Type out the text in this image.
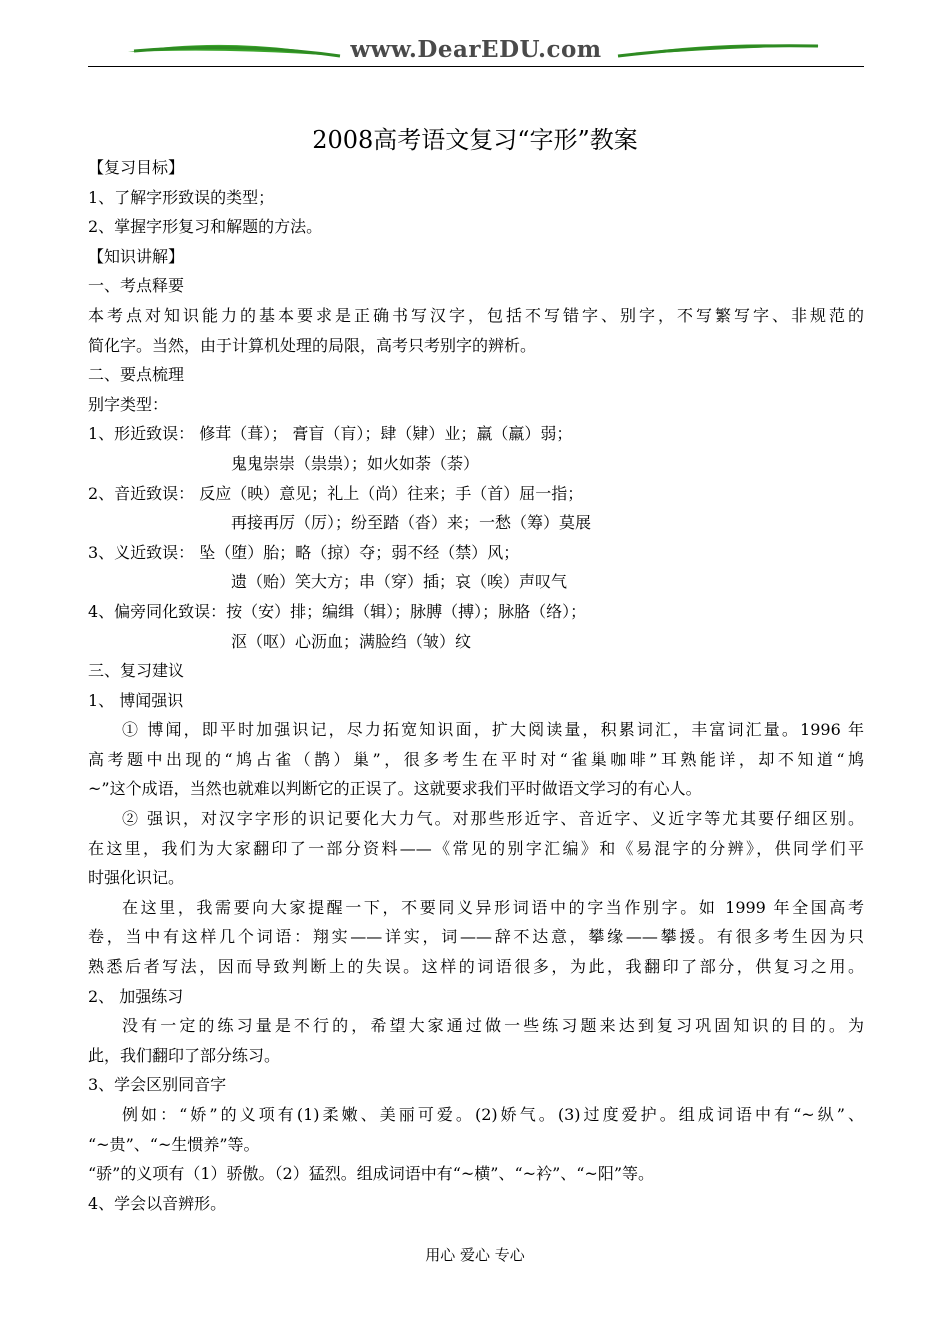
www.DearEDU.com
2008高考语文复习“字形”教案
【复习目标】
1、了解字形致误的类型；
2、掌握字形复习和解题的方法。
【知识讲解】
一、考点释要
本考点对知识能力的基本要求是正确书写汉字，包括不写错字、别字，不写繁写字、非规范的
简化字。当然，由于计算机处理的局限，高考只考别字的辨析。
二、要点梳理
别字类型：
1、形近致误： 修茸（葺）； 膏盲（肓）；肆（肄）业；羸（羸）弱；
鬼鬼崇崇（祟祟）；如火如荼（荼）
2、音近致误： 反应（映）意见；礼上（尚）往来；手（首）屈一指；
再接再厉（厉）；纷至踏（沓）来；一愁（筹）莫展
3、义近致误： 坠（堕）胎；略（掠）夺；弱不经（禁）风；
遗（贻）笑大方；串（穿）插；哀（唉）声叹气
4、偏旁同化致误：按（安）排；编缉（辑）；脉膊（搏）；脉胳（络）；
沤（呕）心沥血；满脸绉（皱）纹
三、复习建议
1、 博闻强识
① 博闻，即平时加强识记，尽力拓宽知识面，扩大阅读量，积累词汇，丰富词汇量。1996 年
高考题中出现的“鸠占雀（鹊）巢”，很多考生在平时对“雀巢咖啡”耳熟能详，却不知道“鸠
~”这个成语，当然也就难以判断它的正误了。这就要求我们平时做语文学习的有心人。
② 强识，对汉字字形的识记要化大力气。对那些形近字、音近字、义近字等尤其要仔细区别。
在这里，我们为大家翻印了一部分资料——《常见的别字汇编》和《易混字的分辨》，供同学们平
时强化识记。
在这里，我需要向大家提醒一下，不要同义异形词语中的字当作别字。如 1999 年全国高考
卷，当中有这样几个词语：翔实——详实，词——辞不达意，攀缘——攀援。有很多考生因为只
熟悉后者写法，因而导致判断上的失误。这样的词语很多，为此，我翻印了部分，供复习之用。
2、 加强练习
没有一定的练习量是不行的，希望大家通过做一些练习题来达到复习巩固知识的目的。为
此，我们翻印了部分练习。
3、学会区别同音字
例如：“娇”的义项有(1)柔嫩、美丽可爱。(2)娇气。(3)过度爱护。组成词语中有“~纵”、
“~贵”、“~生惯养”等。
“骄”的义项有（1）骄傲。（2）猛烈。组成词语中有“~横”、“~衿”、“~阳”等。
4、学会以音辨形。
用心 爱心 专心
